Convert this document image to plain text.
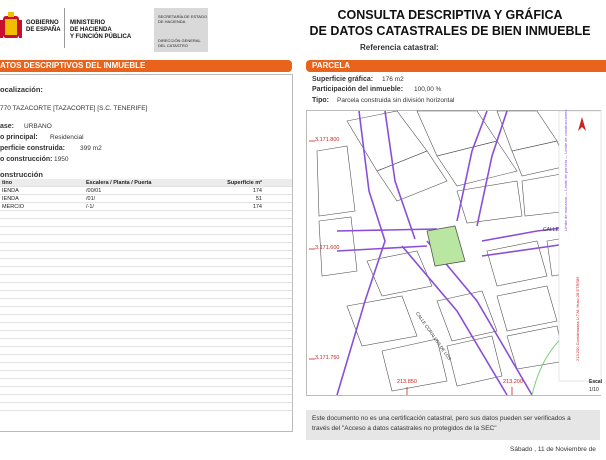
GOBIERNO
DE ESPAÑA
MINISTERIO
DE HACIENDA
Y FUNCIÓN PÚBLICA
SECRETARÍA DE ESTADO
DE HACIENDA
DIRECCIÓN GENERAL
DEL CATASTRO
CONSULTA DESCRIPTIVA Y GRÁFICA
DE DATOS CATASTRALES DE BIEN INMUEBLE
Referencia catastral:
ATOS DESCRIPTIVOS DEL INMUEBLE
ocalización:
770 TAZACORTE [TAZACORTE] [S.C. TENERIFE]
ase: URBANO
o principal: Residencial
perficie construida: 399 m2
o construcción: 1950
onstrucción
tino	Escalera / Planta / Puerta	Superficie m²
IENDA	/00/01	174
IENDA	/01/	51
MERCIO	/-1/	174

PARCELA
Superficie gráfica: 176 m2
Participación del inmueble: 100,00 %
Tipo: Parcela construida sin división horizontal
3.171.800
3.171.600
3.171.750
213.850	213.200
CALLE
CALLE CORALLOS DE LOS
Límite de manzana — Límite de parcela — Límite de construcciones
213.200 Coordenadas U.T.M. Huso 28 ETRS89
Escal
1/10
Este documento no es una certificación catastral, pero sus datos pueden ser verificados a
través del "Acceso a datos catastrales no protegidos de la SEC"
Sábado , 11 de Noviembre de
